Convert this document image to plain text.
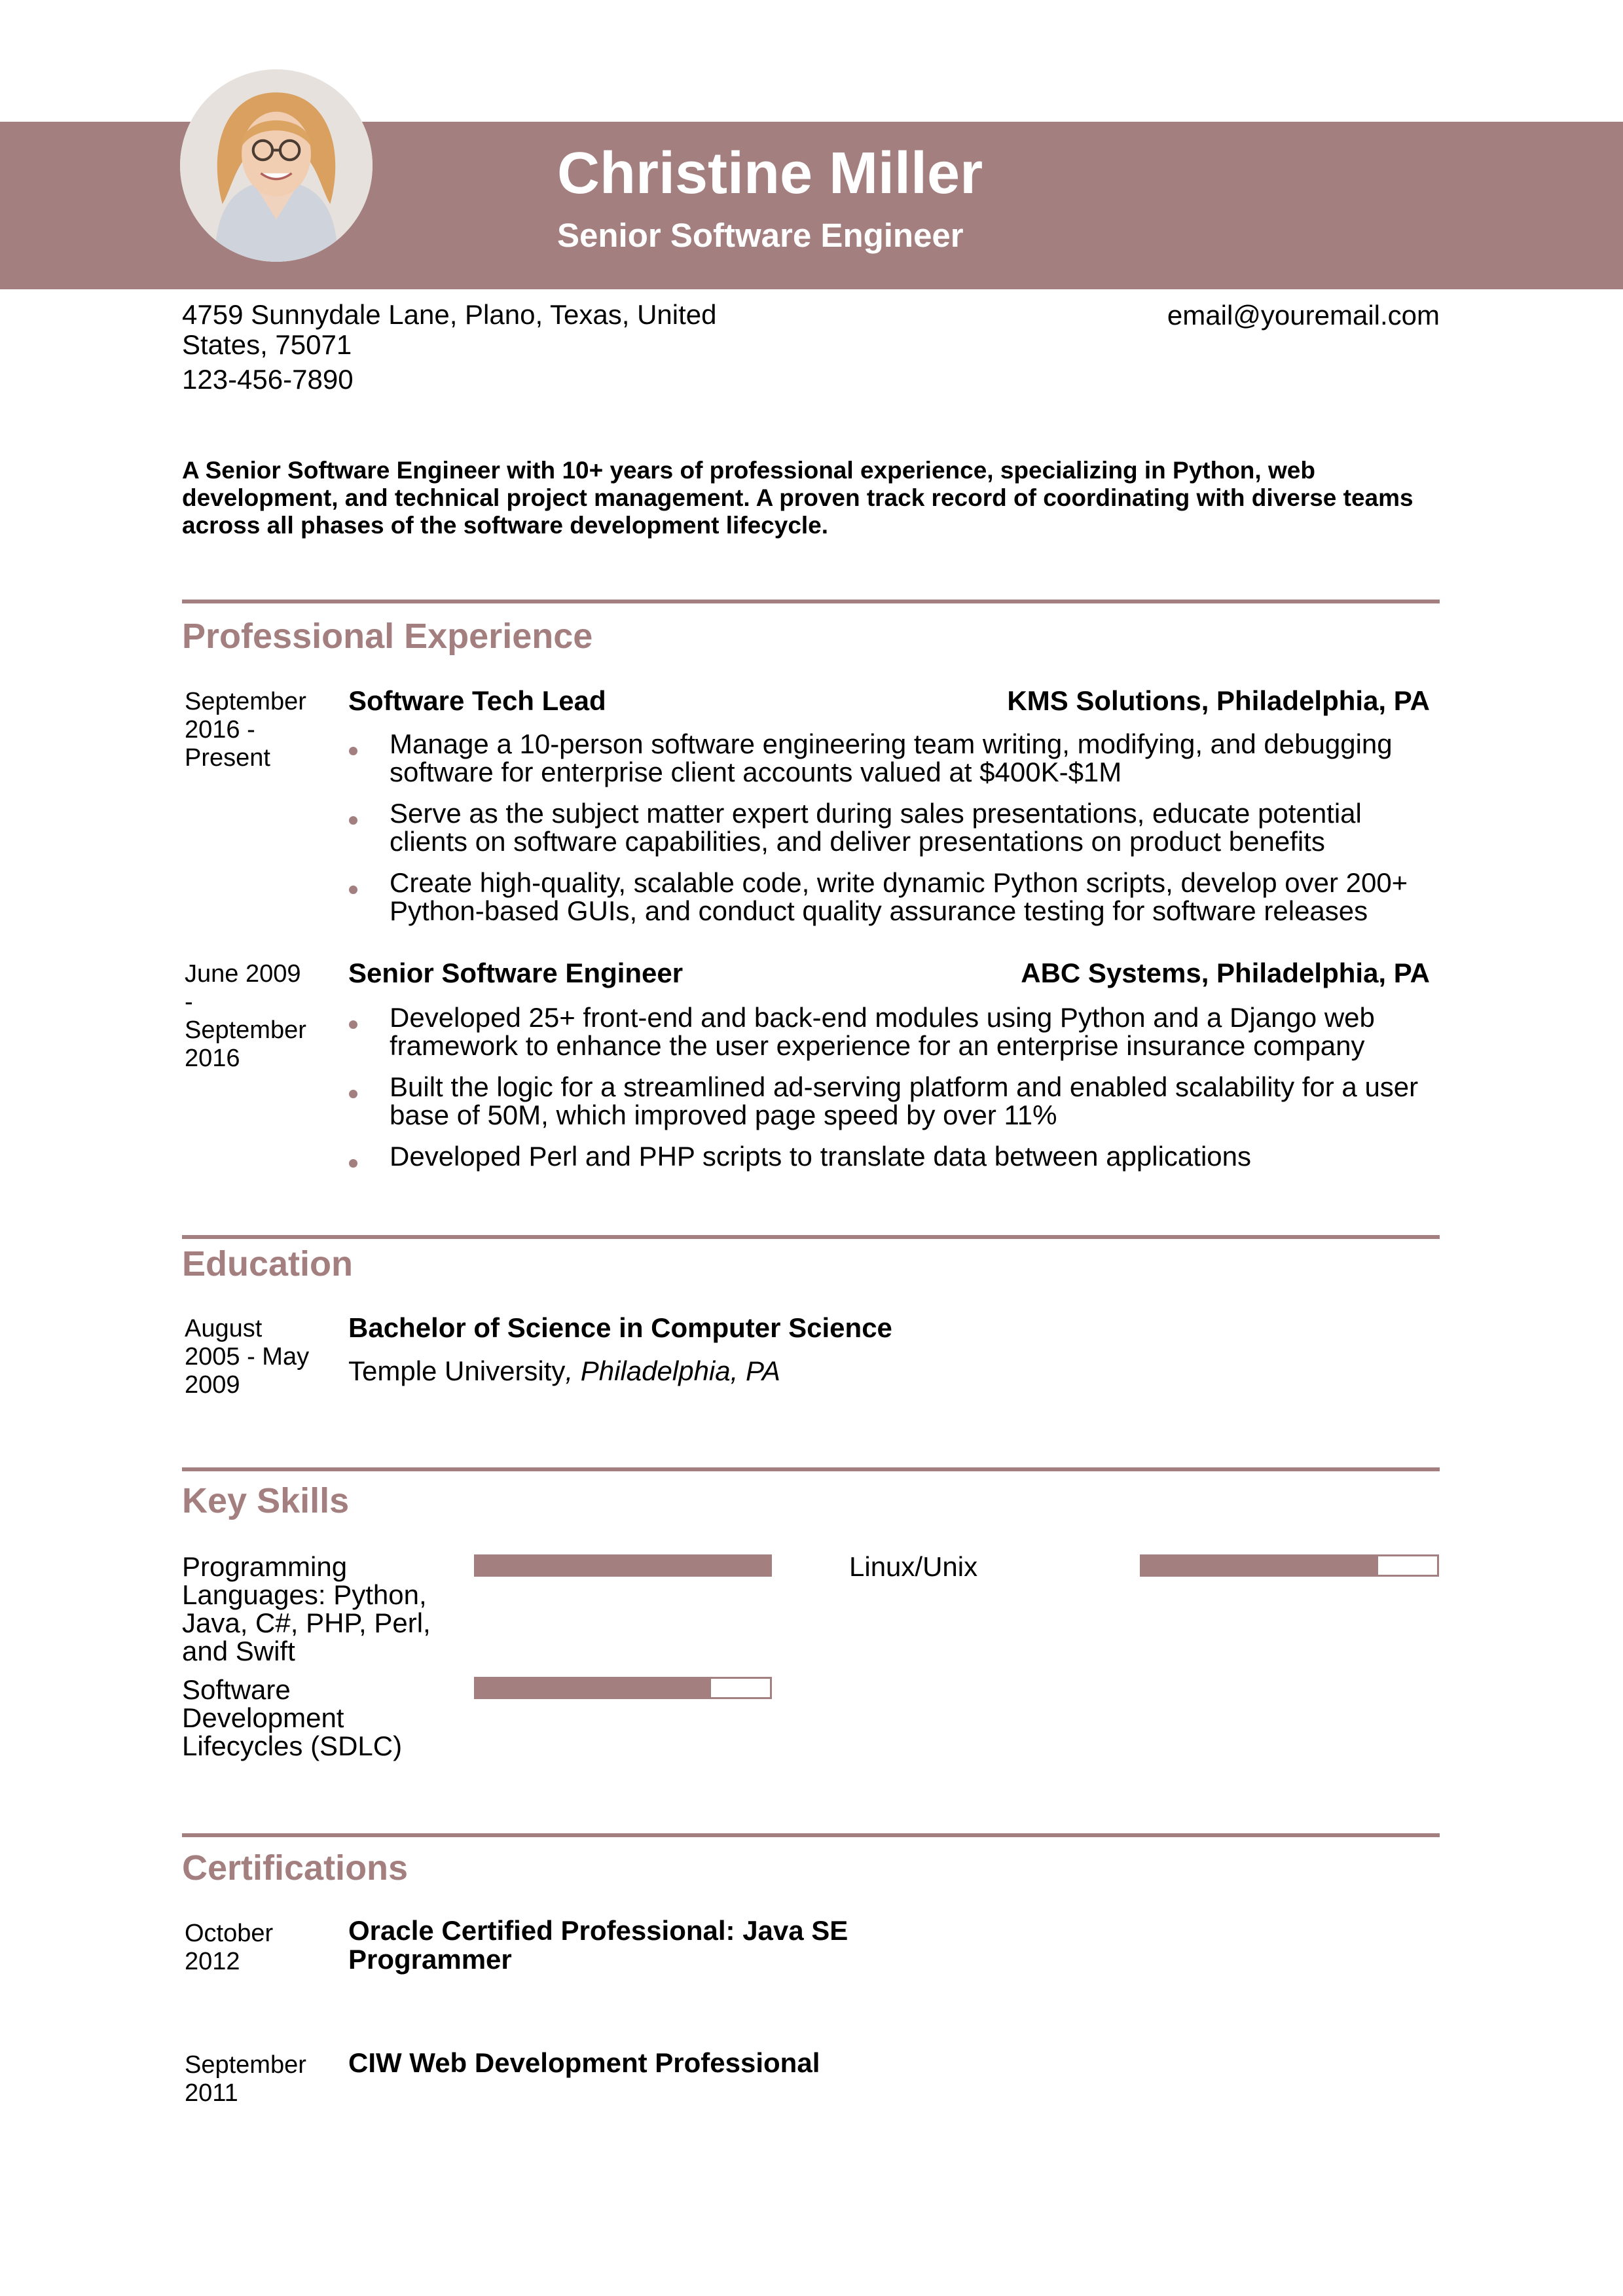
Christine Miller
Senior Software Engineer
4759 Sunnydale Lane, Plano, Texas, United States, 75071
123-456-7890
email@youremail.com
A Senior Software Engineer with 10+ years of professional experience, specializing in Python, web development, and technical project management. A proven track record of coordinating with diverse teams across all phases of the software development lifecycle.
Professional Experience
September 2016 - Present
Software Tech Lead	KMS Solutions, Philadelphia, PA
Manage a 10-person software engineering team writing, modifying, and debugging software for enterprise client accounts valued at $400K-$1M
Serve as the subject matter expert during sales presentations, educate potential clients on software capabilities, and deliver presentations on product benefits
Create high-quality, scalable code, write dynamic Python scripts, develop over 200+ Python-based GUIs, and conduct quality assurance testing for software releases
June 2009 - September 2016
Senior Software Engineer	ABC Systems, Philadelphia, PA
Developed 25+ front-end and back-end modules using Python and a Django web framework to enhance the user experience for an enterprise insurance company
Built the logic for a streamlined ad-serving platform and enabled scalability for a user base of 50M, which improved page speed by over 11%
Developed Perl and PHP scripts to translate data between applications
Education
August 2005 - May 2009
Bachelor of Science in Computer Science
Temple University, Philadelphia, PA
Key Skills
Programming Languages: Python, Java, C#, PHP, Perl, and Swift
Linux/Unix
Software Development Lifecycles (SDLC)
Certifications
October 2012
Oracle Certified Professional: Java SE Programmer
September 2011
CIW Web Development Professional
